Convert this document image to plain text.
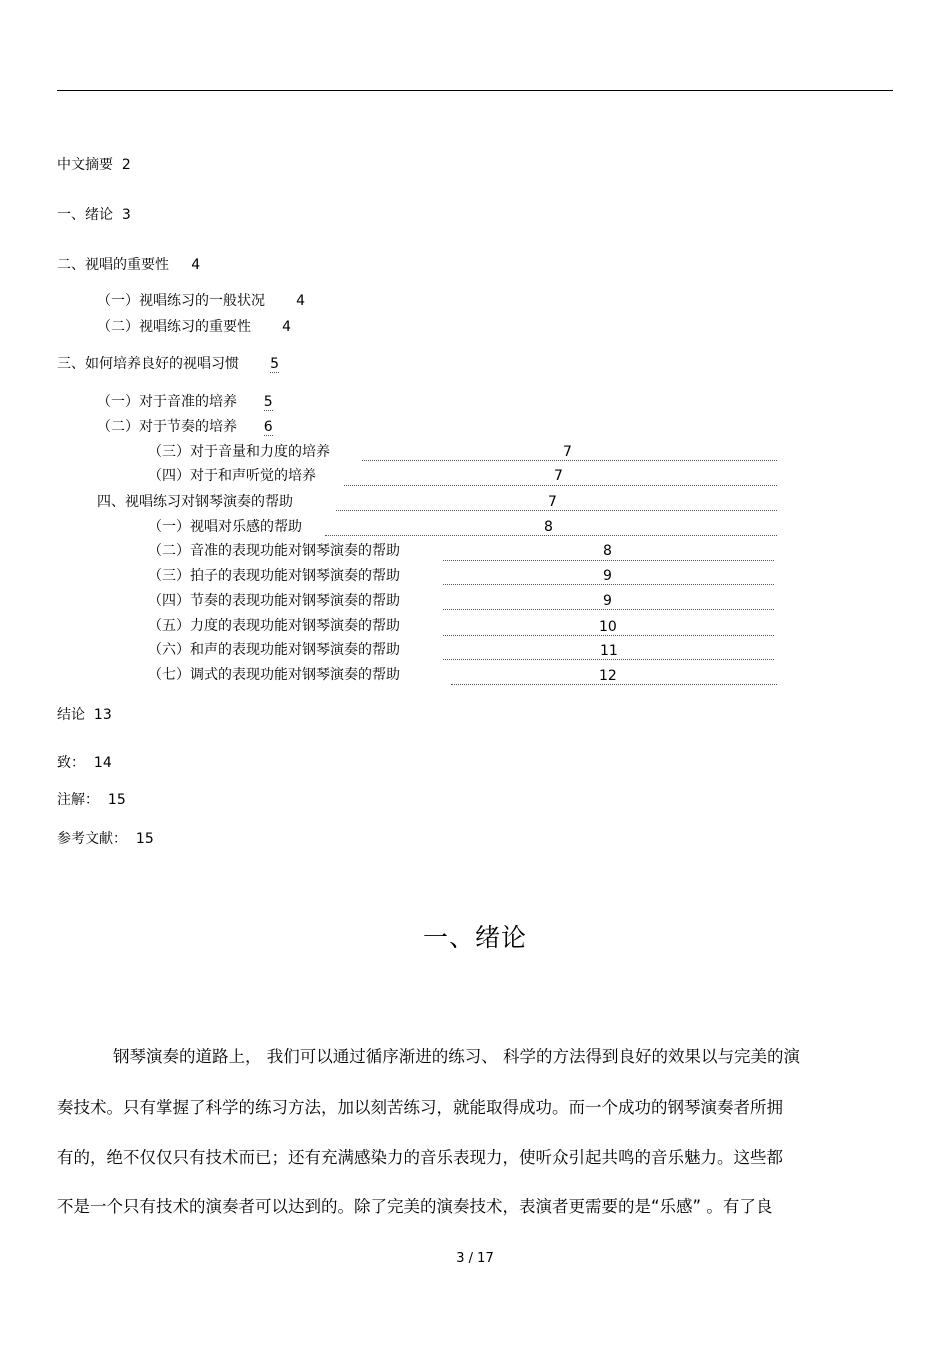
中文摘要 2
一、绪论 3
二、视唱的重要性 4
（一）视唱练习的一般状况 4
（二）视唱练习的重要性 4
三、如何培养良好的视唱习惯 5
（一）对于音准的培养 5
（二）对于节奏的培养 6
（三）对于音量和力度的培养	7
（四）对于和声听觉的培养	7
四、视唱练习对钢琴演奏的帮助	7
（一）视唱对乐感的帮助	8
（二）音准的表现功能对钢琴演奏的帮助	8
（三）拍子的表现功能对钢琴演奏的帮助	9
（四）节奏的表现功能对钢琴演奏的帮助	9
（五）力度的表现功能对钢琴演奏的帮助	10
（六）和声的表现功能对钢琴演奏的帮助	11
（七）调式的表现功能对钢琴演奏的帮助	12
结论 13
致： 14
注解： 15
参考文献： 15
一、绪论
钢琴演奏的道路上， 我们可以通过循序渐进的练习、 科学的方法得到良好的效果以与完美的演
奏技术。只有掌握了科学的练习方法，加以刻苦练习，就能取得成功。而一个成功的钢琴演奏者所拥
有的，绝不仅仅只有技术而已；还有充满感染力的音乐表现力，使听众引起共鸣的音乐魅力。这些都
不是一个只有技术的演奏者可以达到的。除了完美的演奏技术，表演者更需要的是“乐感” 。有了良
3 / 17
